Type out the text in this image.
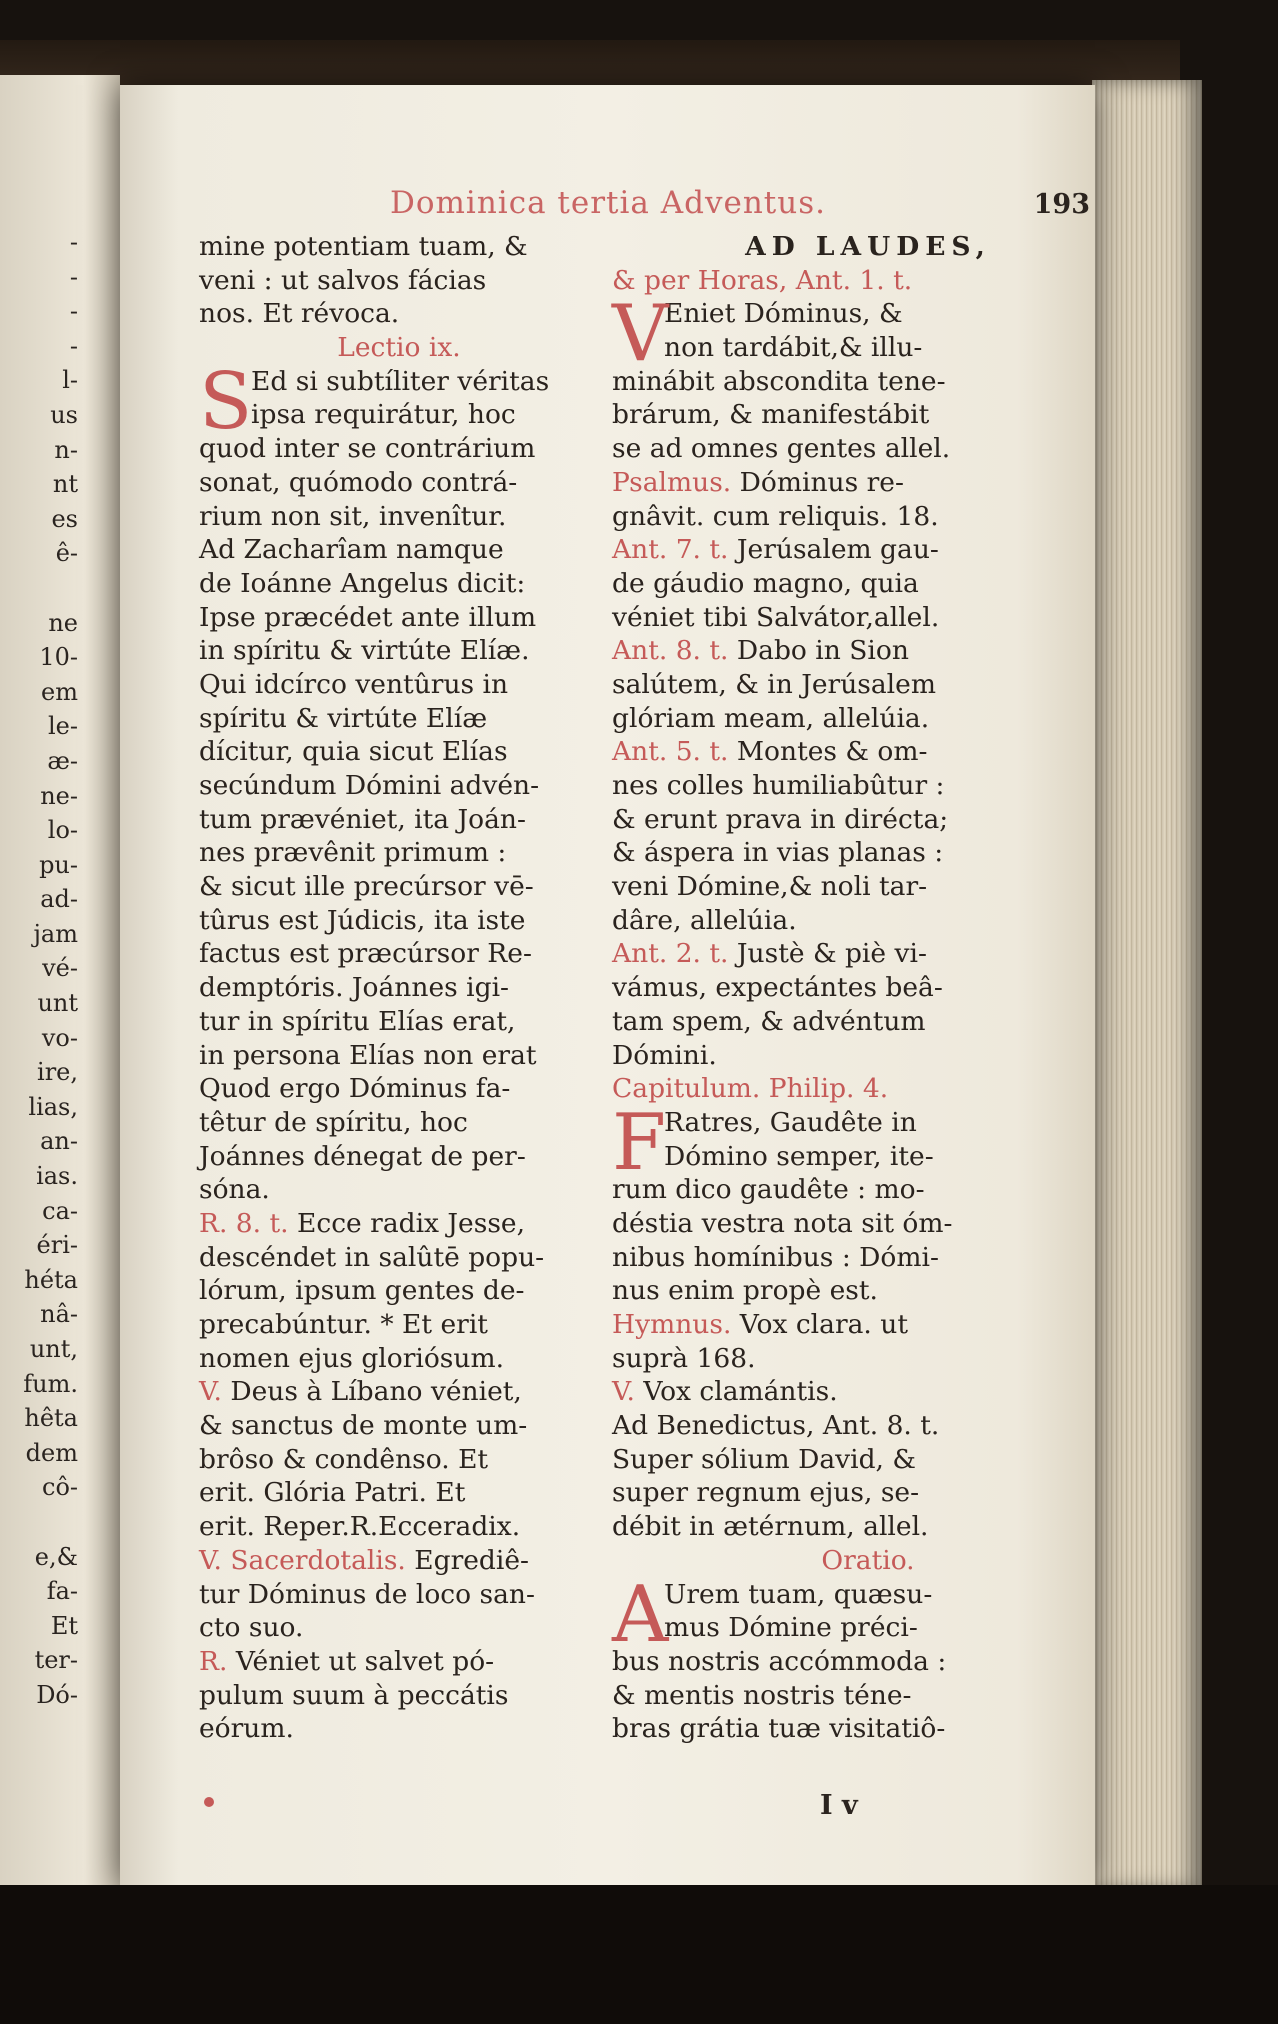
-
-
-
-
l-
us
n-
nt
es
ê-
ne
10-
em
le-
æ-
ne-
lo-
pu-
ad-
jam
vé-
unt
vo-
ire,
lias,
an-
ias.
ca-
éri-
héta
nâ-
unt,
fum.
hêta
dem
cô-
e,&
fa-
Et
ter-
Dó-
Dominica tertia Adventus.	193
mine potentiam tuam, &
veni : ut salvos fácias
nos. Et révoca.
Lectio ix.
S
Ed si subtíliter véritas
ipsa requirátur, hoc
quod inter se contrárium
sonat, quómodo contrá-
rium non sit, invenîtur.
Ad Zacharîam namque
de Ioánne Angelus dicit:
Ipse præcédet ante illum
in spíritu & virtúte Elíæ.
Qui idcírco ventûrus in
spíritu & virtúte Elíæ
dícitur, quia sicut Elías
secúndum Dómini advén-
tum prævéniet, ita Joán-
nes prævênit primum :
& sicut ille precúrsor vē-
tûrus est Júdicis, ita iste
factus est præcúrsor Re-
demptóris. Joánnes igi-
tur in spíritu Elías erat,
in persona Elías non erat
Quod ergo Dóminus fa-
têtur de spíritu, hoc
Joánnes dénegat de per-
sóna.
R. 8. t. Ecce radix Jesse,
descéndet in salûtē popu-
lórum, ipsum gentes de-
precabúntur. * Et erit
nomen ejus gloriósum.
V. Deus à Líbano véniet,
& sanctus de monte um-
brôso & condênso. Et
erit. Glória Patri. Et
erit. Reper.R.Ecceradix.
V. Sacerdotalis. Egrediê-
tur Dóminus de loco san-
cto suo.
R. Véniet ut salvet pó-
pulum suum à peccátis
eórum.
AD LAUDES,
& per Horas, Ant. 1. t.
V
Eniet Dóminus, &
non tardábit,& illu-
minábit abscondita tene-
brárum, & manifestábit
se ad omnes gentes allel.
Psalmus. Dóminus re-
gnâvit. cum reliquis. 18.
Ant. 7. t. Jerúsalem gau-
de gáudio magno, quia
véniet tibi Salvátor,allel.
Ant. 8. t. Dabo in Sion
salútem, & in Jerúsalem
glóriam meam, allelúia.
Ant. 5. t. Montes & om-
nes colles humiliabûtur :
& erunt prava in dirécta;
& áspera in vias planas :
veni Dómine,& noli tar-
dâre, allelúia.
Ant. 2. t. Justè & piè vi-
vámus, expectántes beâ-
tam spem, & advéntum
Dómini.
Capitulum. Philip. 4.
F
Ratres, Gaudête in
Dómino semper, ite-
rum dico gaudête : mo-
déstia vestra nota sit óm-
nibus homínibus : Dómi-
nus enim propè est.
Hymnus. Vox clara. ut
suprà 168.
V. Vox clamántis.
Ad Benedictus, Ant. 8. t.
Super sólium David, &
super regnum ejus, se-
débit in ætérnum, allel.
Oratio.
A
Urem tuam, quæsu-
mus Dómine préci-
bus nostris accómmoda :
& mentis nostris téne-
bras grátia tuæ visitatiô-
I v
